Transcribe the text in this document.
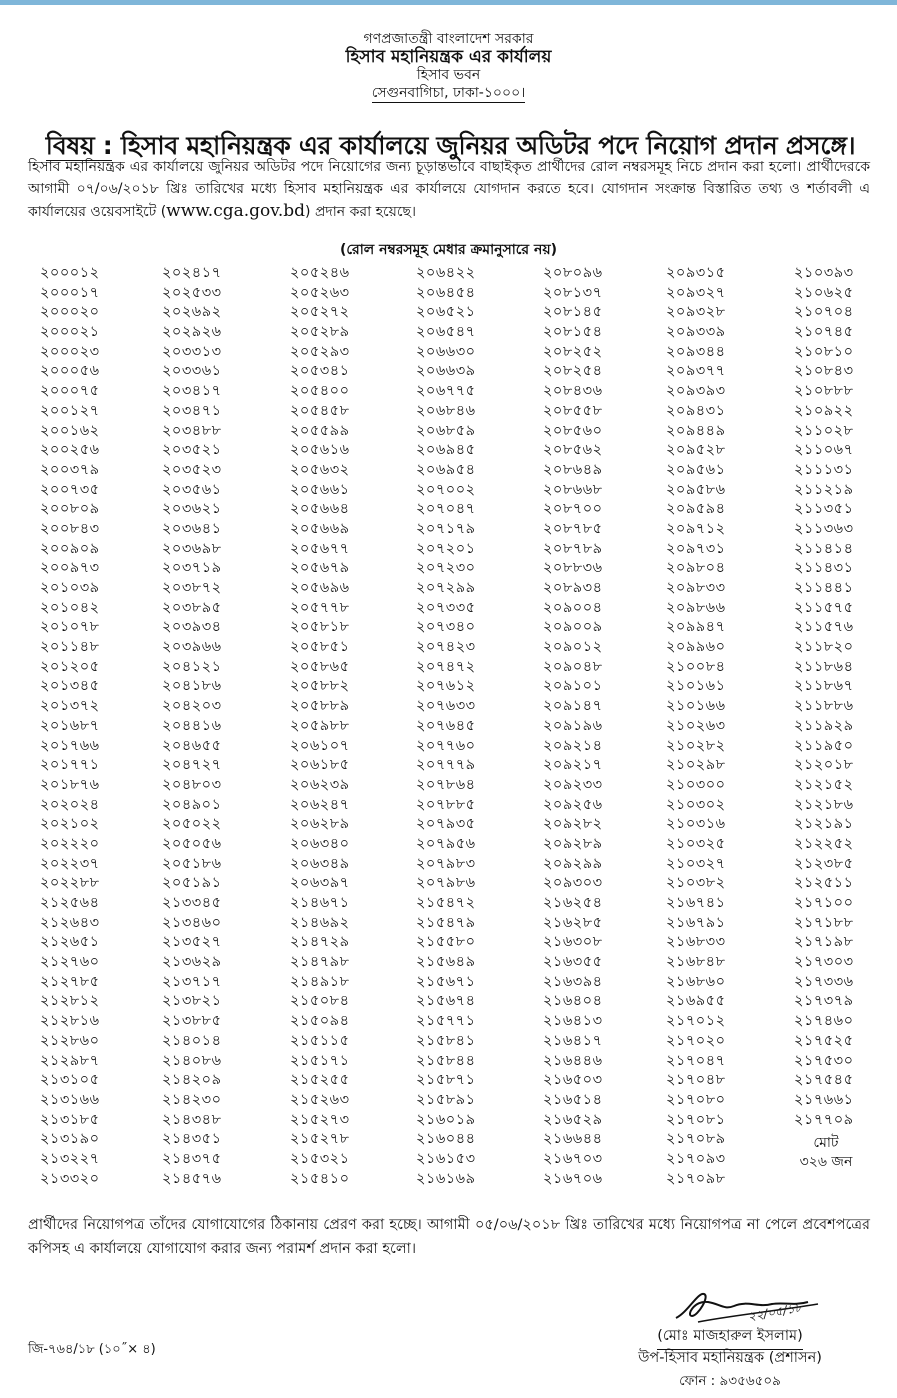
গণপ্রজাতন্ত্রী বাংলাদেশ সরকার
হিসাব মহানিয়ন্ত্রক এর কার্যালয়
হিসাব ভবন
সেগুনবাগিচা, ঢাকা-১০০০।
বিষয় : হিসাব মহানিয়ন্ত্রক এর কার্যালয়ে জুনিয়র অডিটর পদে নিয়োগ প্রদান প্রসঙ্গে।
হিসাব মহানিয়ন্ত্রক এর কার্যালয়ে জুনিয়র অডিটর পদে নিয়োগের জন্য চূড়ান্তভাবে বাছাইকৃত প্রার্থীদের রোল নম্বরসমূহ নিচে প্রদান করা হলো। প্রার্থীদেরকে আগামী ০৭/০৬/২০১৮ খ্রিঃ তারিখের মধ্যে হিসাব মহানিয়ন্ত্রক এর কার্যালয়ে যোগদান করতে হবে। যোগদান সংক্রান্ত বিস্তারিত তথ্য ও শর্তাবলী এ কার্যালয়ের ওয়েবসাইটে (www.cga.gov.bd) প্রদান করা হয়েছে।
(রোল নম্বরসমূহ মেধার ক্রমানুসারে নয়)
২০০০১২
২০০০১৭
২০০০২০
২০০০২১
২০০০২৩
২০০০৫৬
২০০০৭৫
২০০১২৭
২০০১৬২
২০০২৫৬
২০০৩৭৯
২০০৭৩৫
২০০৮০৯
২০০৮৪৩
২০০৯০৯
২০০৯৭৩
২০১০৩৯
২০১০৪২
২০১০৭৮
২০১১৪৮
২০১২০৫
২০১৩৪৫
২০১৩৭২
২০১৬৮৭
২০১৭৬৬
২০১৭৭১
২০১৮৭৬
২০২০২৪
২০২১০২
২০২২২০
২০২২৩৭
২০২২৮৮
২১২৫৬৪
২১২৬৪৩
২১২৬৫১
২১২৭৬০
২১২৭৮৫
২১২৮১২
২১২৮১৬
২১২৮৬০
২১২৯৮৭
২১৩১০৫
২১৩১৬৬
২১৩১৮৫
২১৩১৯০
২১৩২২৭
২১৩৩২০
২০২৪১৭
২০২৫৩৩
২০২৬৯২
২০২৯২৬
২০৩৩১৩
২০৩৩৬১
২০৩৪১৭
২০৩৪৭১
২০৩৪৮৮
২০৩৫২১
২০৩৫২৩
২০৩৫৬১
২০৩৬২১
২০৩৬৪১
২০৩৬৯৮
২০৩৭১৯
২০৩৮৭২
২০৩৮৯৫
২০৩৯৩৪
২০৩৯৬৬
২০৪১২১
২০৪১৮৬
২০৪২০৩
২০৪৪১৬
২০৪৬৫৫
২০৪৭২৭
২০৪৮০৩
২০৪৯০১
২০৫০২২
২০৫০৫৬
২০৫১৮৬
২০৫১৯১
২১৩৩৪৫
২১৩৪৬০
২১৩৫২৭
২১৩৬২৯
২১৩৭১৭
২১৩৮২১
২১৩৮৮৫
২১৪০১৪
২১৪০৮৬
২১৪২০৯
২১৪২৩০
২১৪৩৪৮
২১৪৩৫১
২১৪৩৭৫
২১৪৫৭৬
২০৫২৪৬
২০৫২৬৩
২০৫২৭২
২০৫২৮৯
২০৫২৯৩
২০৫৩৪১
২০৫৪০০
২০৫৪৫৮
২০৫৫৯৯
২০৫৬১৬
২০৫৬৩২
২০৫৬৬১
২০৫৬৬৪
২০৫৬৬৯
২০৫৬৭৭
২০৫৬৭৯
২০৫৬৯৬
২০৫৭৭৮
২০৫৮১৮
২০৫৮৫১
২০৫৮৬৫
২০৫৮৮২
২০৫৮৮৯
২০৫৯৮৮
২০৬১০৭
২০৬১৮৫
২০৬২৩৯
২০৬২৪৭
২০৬২৮৯
২০৬৩৪০
২০৬৩৪৯
২০৬৩৯৭
২১৪৬৭১
২১৪৬৯২
২১৪৭২৯
২১৪৭৯৮
২১৪৯১৮
২১৫০৮৪
২১৫০৯৪
২১৫১১৫
২১৫১৭১
২১৫২৫৫
২১৫২৬৩
২১৫২৭৩
২১৫২৭৮
২১৫৩২১
২১৫৪১০
২০৬৪২২
২০৬৪৫৪
২০৬৫২১
২০৬৫৪৭
২০৬৬৩০
২০৬৬৩৯
২০৬৭৭৫
২০৬৮৪৬
২০৬৮৫৯
২০৬৯৪৫
২০৬৯৫৪
২০৭০০২
২০৭০৪৭
২০৭১৭৯
২০৭২০১
২০৭২৩০
২০৭২৯৯
২০৭৩৩৫
২০৭৩৪০
২০৭৪২৩
২০৭৪৭২
২০৭৬১২
২০৭৬৩৩
২০৭৬৪৫
২০৭৭৬০
২০৭৭৭৯
২০৭৮৬৪
২০৭৮৮৫
২০৭৯৩৫
২০৭৯৫৬
২০৭৯৮৩
২০৭৯৮৬
২১৫৪৭২
২১৫৪৭৯
২১৫৫৮০
২১৫৬৪৯
২১৫৬৭১
২১৫৬৭৪
২১৫৭৭১
২১৫৮৪১
২১৫৮৪৪
২১৫৮৭১
২১৫৮৯১
২১৬০১৯
২১৬০৪৪
২১৬১৫৩
২১৬১৬৯
২০৮০৯৬
২০৮১৩৭
২০৮১৪৫
২০৮১৫৪
২০৮২৫২
২০৮২৫৪
২০৮৪৩৬
২০৮৫৫৮
২০৮৫৬০
২০৮৫৬২
২০৮৬৪৯
২০৮৬৬৮
২০৮৭০০
২০৮৭৮৫
২০৮৭৮৯
২০৮৮৩৬
২০৮৯৩৪
২০৯০০৪
২০৯০০৯
২০৯০১২
২০৯০৪৮
২০৯১০১
২০৯১৪৭
২০৯১৯৬
২০৯২১৪
২০৯২১৭
২০৯২৩৩
২০৯২৫৬
২০৯২৮২
২০৯২৮৯
২০৯২৯৯
২০৯৩০৩
২১৬২৫৪
২১৬২৮৫
২১৬৩০৮
২১৬৩৫৫
২১৬৩৯৪
২১৬৪০৪
২১৬৪১৩
২১৬৪১৭
২১৬৪৪৬
২১৬৫০৩
২১৬৫১৪
২১৬৫২৯
২১৬৬৪৪
২১৬৭০৩
২১৬৭০৬
২০৯৩১৫
২০৯৩২৭
২০৯৩২৮
২০৯৩৩৯
২০৯৩৪৪
২০৯৩৭৭
২০৯৩৯৩
২০৯৪৩১
২০৯৪৪৯
২০৯৫২৮
২০৯৫৬১
২০৯৫৮৬
২০৯৫৯৪
২০৯৭১২
২০৯৭৩১
২০৯৮০৪
২০৯৮৩৩
২০৯৮৬৬
২০৯৯৪৭
২০৯৯৬০
২১০০৮৪
২১০১৬১
২১০১৬৬
২১০২৬৩
২১০২৮২
২১০২৯৮
২১০৩০০
২১০৩০২
২১০৩১৬
২১০৩২৫
২১০৩২৭
২১০৩৮২
২১৬৭৪১
২১৬৭৯১
২১৬৮৩৩
২১৬৮৪৮
২১৬৮৬০
২১৬৯৫৫
২১৭০১২
২১৭০২০
২১৭০৪৭
২১৭০৪৮
২১৭০৮০
২১৭০৮১
২১৭০৮৯
২১৭০৯৩
২১৭০৯৮
২১০৩৯৩
২১০৬২৫
২১০৭০৪
২১০৭৪৫
২১০৮১০
২১০৮৪৩
২১০৮৮৮
২১০৯২২
২১১০২৮
২১১০৬৭
২১১১৩১
২১১২১৯
২১১৩৫১
২১১৩৬৩
২১১৪১৪
২১১৪৩১
২১১৪৪১
২১১৫৭৫
২১১৫৭৬
২১১৮২০
২১১৮৬৪
২১১৮৬৭
২১১৮৮৬
২১১৯২৯
২১১৯৫০
২১২০১৮
২১২১৫২
২১২১৮৬
২১২১৯১
২১২২৫২
২১২৩৮৫
২১২৫১১
২১৭১০০
২১৭১৮৮
২১৭১৯৮
২১৭৩০৩
২১৭৩৩৬
২১৭৩৭৯
২১৭৪৬০
২১৭৫২৫
২১৭৫৩০
২১৭৫৪৫
২১৭৬৬১
২১৭৭০৯
মোট
৩২৬ জন
প্রার্থীদের নিয়োগপত্র তাঁদের যোগাযোগের ঠিকানায় প্রেরণ করা হচ্ছে। আগামী ০৫/০৬/২০১৮ খ্রিঃ তারিখের মধ্যে নিয়োগপত্র না পেলে প্রবেশপত্রের কপিসহ এ কার্যালয়ে যোগাযোগ করার জন্য পরামর্শ প্রদান করা হলো।
২২/০৫/১৮
(মোঃ মাজহারুল ইসলাম)
উপ-হিসাব মহানিয়ন্ত্রক (প্রশাসন)
ফোন : ৯৩৫৬৫০৯
জি-৭৬৪/১৮ (১০˝× ৪)
